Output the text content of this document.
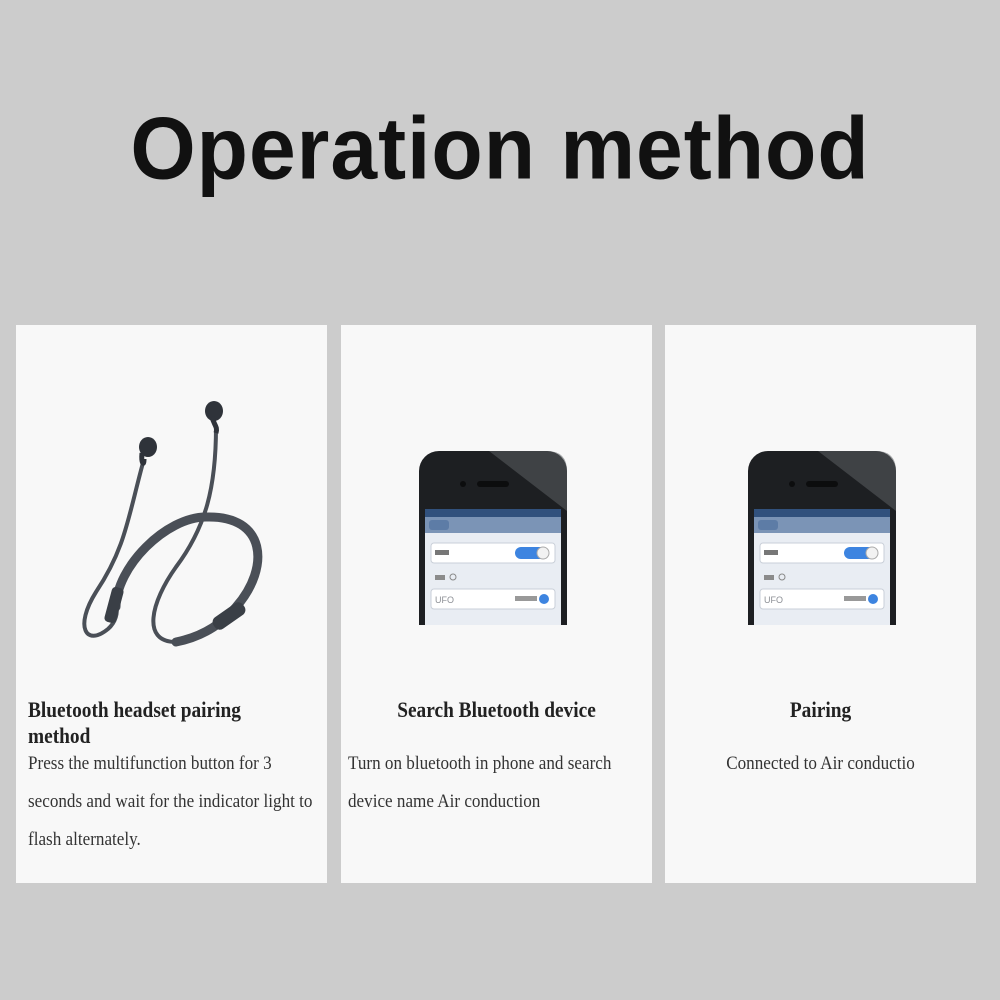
Operation method
Bluetooth headset pairing method
Press the multifunction button for 3 seconds and wait for the indicator light to flash alternately.
UFO
Search Bluetooth device
Turn on bluetooth in phone and search device name Air conduction
UFO
Pairing
Connected to Air conductio
